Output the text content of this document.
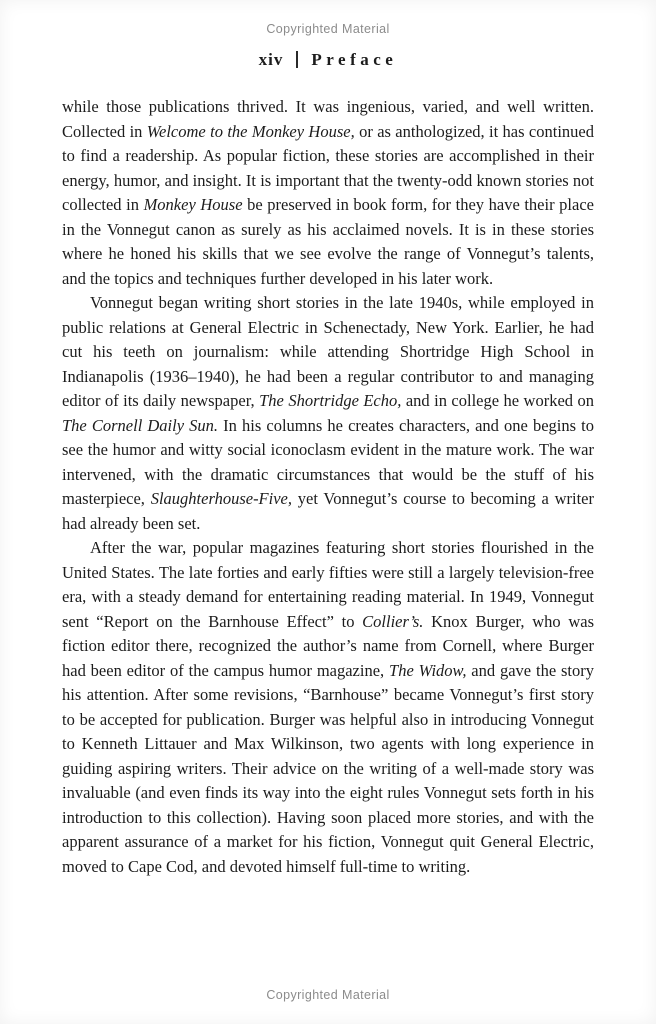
Copyrighted Material
xiv Preface

while those publications thrived. It was ingenious, varied, and well written. Collected in Welcome to the Monkey House, or as anthologized, it has continued to find a readership. As popular fiction, these stories are accomplished in their energy, humor, and insight. It is important that the twenty-odd known stories not collected in Monkey House be preserved in book form, for they have their place in the Vonnegut canon as surely as his acclaimed novels. It is in these stories where he honed his skills that we see evolve the range of Vonnegut’s talents, and the topics and techniques further developed in his later work.

Vonnegut began writing short stories in the late 1940s, while employed in public relations at General Electric in Schenectady, New York. Earlier, he had cut his teeth on journalism: while attending Shortridge High School in Indianapolis (1936–1940), he had been a regular contributor to and managing editor of its daily newspaper, The Shortridge Echo, and in college he worked on The Cornell Daily Sun. In his columns he creates characters, and one begins to see the humor and witty social iconoclasm evident in the mature work. The war intervened, with the dramatic circumstances that would be the stuff of his masterpiece, Slaughterhouse-Five, yet Vonnegut’s course to becoming a writer had already been set.

After the war, popular magazines featuring short stories flourished in the United States. The late forties and early fifties were still a largely television-free era, with a steady demand for entertaining reading material. In 1949, Vonnegut sent “Report on the Barnhouse Effect” to Collier’s. Knox Burger, who was fiction editor there, recognized the author’s name from Cornell, where Burger had been editor of the campus humor magazine, The Widow, and gave the story his attention. After some revisions, “Barnhouse” became Vonnegut’s first story to be accepted for publication. Burger was helpful also in introducing Vonnegut to Kenneth Littauer and Max Wilkinson, two agents with long experience in guiding aspiring writers. Their advice on the writing of a well-made story was invaluable (and even finds its way into the eight rules Vonnegut sets forth in his introduction to this collection). Having soon placed more stories, and with the apparent assurance of a market for his fiction, Vonnegut quit General Electric, moved to Cape Cod, and devoted himself full-time to writing.

Copyrighted Material
